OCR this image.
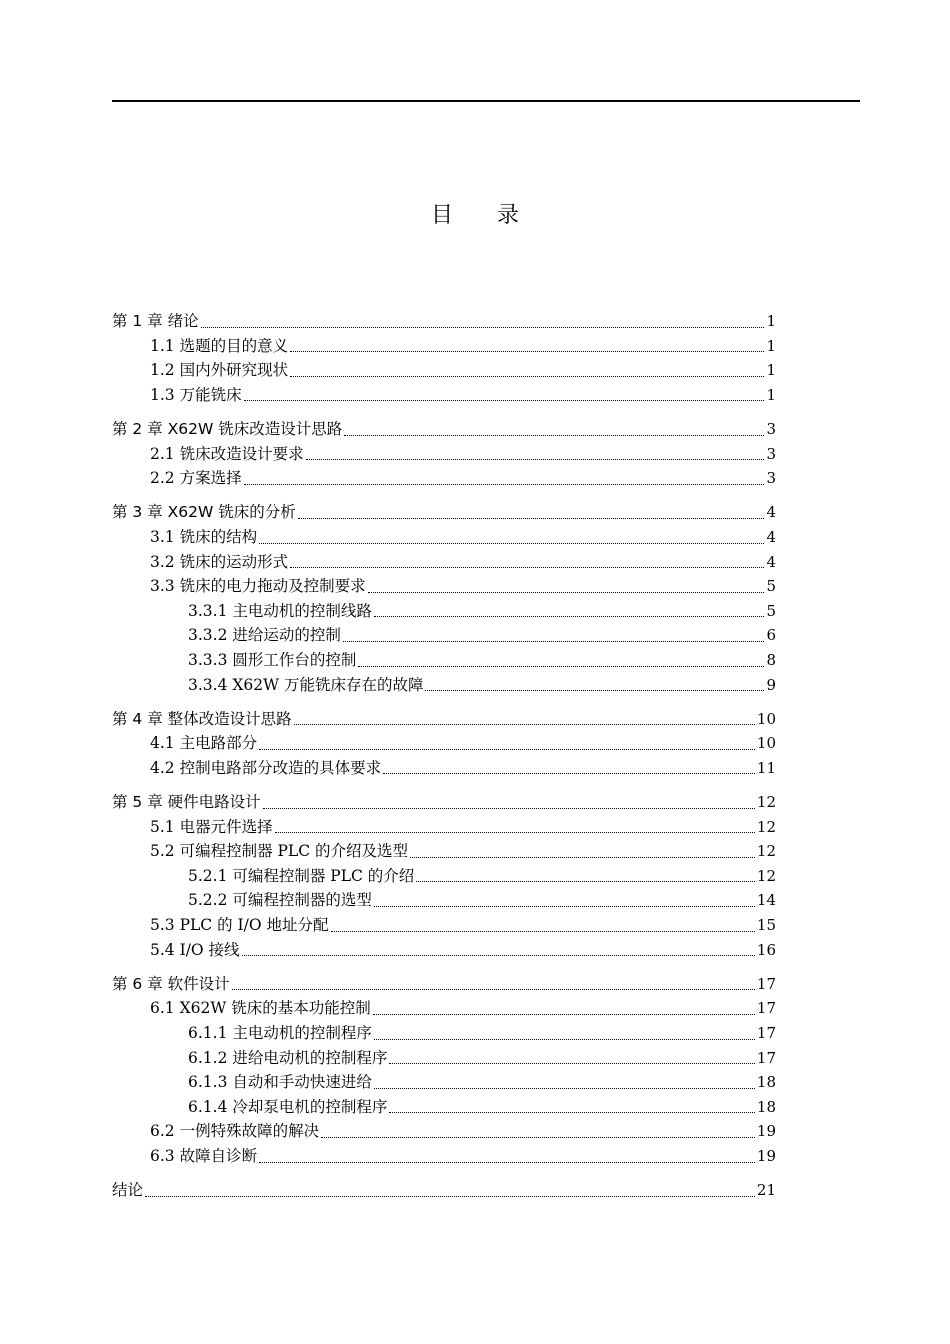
目 录
第 1 章 绪论	1
1.1 选题的目的意义	1
1.2 国内外研究现状	1
1.3 万能铣床	1
第 2 章 X62W 铣床改造设计思路	3
2.1 铣床改造设计要求	3
2.2 方案选择	3
第 3 章 X62W 铣床的分析	4
3.1 铣床的结构	4
3.2 铣床的运动形式	4
3.3 铣床的电力拖动及控制要求	5
3.3.1 主电动机的控制线路	5
3.3.2 进给运动的控制	6
3.3.3 圆形工作台的控制	8
3.3.4 X62W 万能铣床存在的故障	9
第 4 章 整体改造设计思路	10
4.1 主电路部分	10
4.2 控制电路部分改造的具体要求	11
第 5 章 硬件电路设计	12
5.1 电器元件选择	12
5.2 可编程控制器 PLC 的介绍及选型	12
5.2.1 可编程控制器 PLC 的介绍	12
5.2.2 可编程控制器的选型	14
5.3 PLC 的 I/O 地址分配	15
5.4 I/O 接线	16
第 6 章 软件设计	17
6.1 X62W 铣床的基本功能控制	17
6.1.1 主电动机的控制程序	17
6.1.2 进给电动机的控制程序	17
6.1.3 自动和手动快速进给	18
6.1.4 冷却泵电机的控制程序	18
6.2 一例特殊故障的解决	19
6.3 故障自诊断	19
结论	21
